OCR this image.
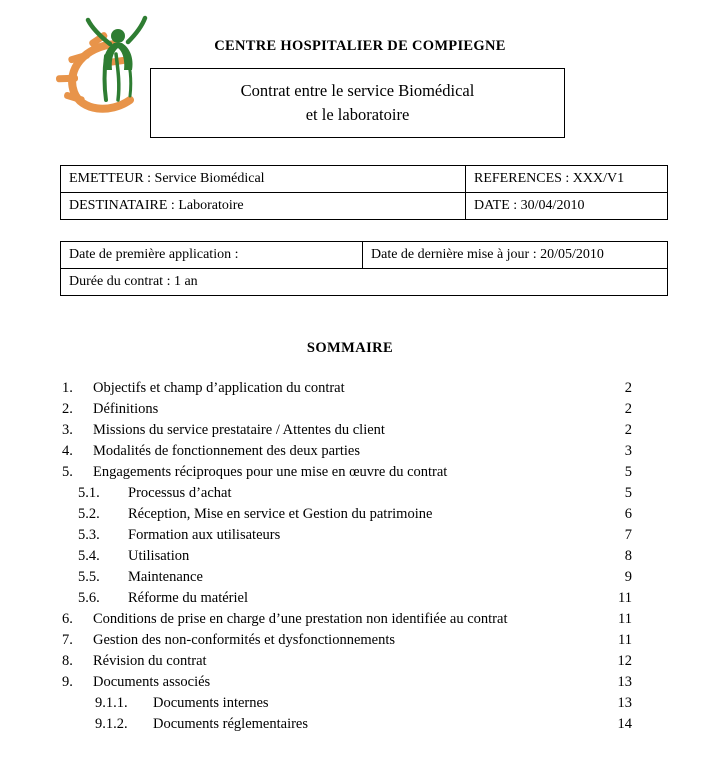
CENTRE HOSPITALIER DE COMPIEGNE
Contrat entre le service Biomédical
et le laboratoire
EMETTEUR : Service Biomédical	REFERENCES : XXX/V1
DESTINATAIRE : Laboratoire	DATE : 30/04/2010
Date de première application :	Date de dernière mise à jour : 20/05/2010
Durée du contrat : 1 an
SOMMAIRE
1. Objectifs et champ d’application du contrat	2
2. Définitions	2
3. Missions du service prestataire / Attentes du client	2
4. Modalités de fonctionnement des deux parties	3
5. Engagements réciproques pour une mise en œuvre du contrat	5
5.1. Processus d’achat	5
5.2. Réception, Mise en service et Gestion du patrimoine	6
5.3. Formation aux utilisateurs	7
5.4. Utilisation	8
5.5. Maintenance	9
5.6. Réforme du matériel	11
6. Conditions de prise en charge d’une prestation non identifiée au contrat	11
7. Gestion des non-conformités et dysfonctionnements	11
8. Révision du contrat	12
9. Documents associés	13
9.1.1. Documents internes	13
9.1.2. Documents réglementaires	14
